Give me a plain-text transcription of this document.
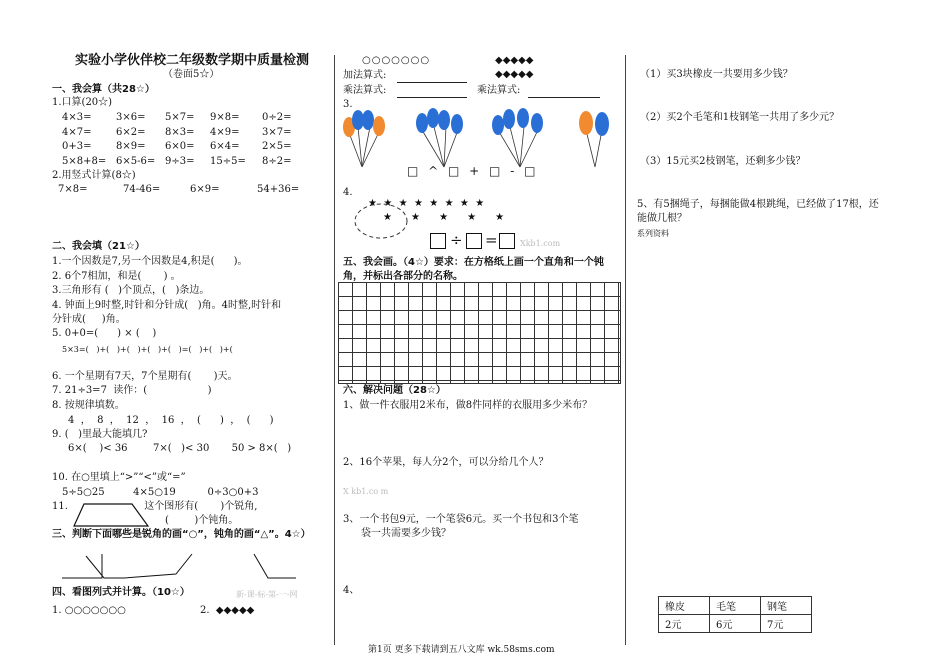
实验小学伙伴校二年级数学期中质量检测
（卷面5☆）
一、我会算（共28☆）
1.口算(20☆)
4×3= 3×6= 5×7= 9×8= 0÷2=
4×7= 6×2= 8×3= 4×9= 3×7=
0+3= 8×9= 6×0= 6×4= 2×5=
5×8+8= 6×5-6= 9÷3= 15÷5= 8÷2=
2.用竖式计算(8☆)
7×8=	74-46=	6×9=	54+36=
二、我会填（21☆）
1.一个因数是7,另一个因数是4,积是(      )。
2. 6个7相加，和是(       ) 。
3.三角形有 (   )个顶点，(   )条边。
4. 钟面上9时整,时针和分针成(   )角。4时整,时针和
分针成(     )角。
5. 0+0=(      ) × (    )
5×3=(   )+(   )+(   )+(   )+(   )=(   )+(   )+(
6. 一个星期有7天，7个星期有(       )天。
7. 21÷3=7  读作：(                   )
8. 按规律填数。
4  ，  8  ，  12  ，  16  ，  (      )  ，  (      )
9. (   )里最大能填几?
6×(    )< 36        7×(   )< 30       50 > 8×(   )
10. 在○里填上“>”“<”或“=”
5÷5○25         4×5○19          0÷3○0+3
11.                        这个图形有(       )个锐角,
(        )个钝角。
三、判断下面哪些是锐角的画“○”，钝角的画“△”。4☆）
四、看图列式并计算。（10☆）	新-课-标-第-一-网
1. ○○○○○○○	2.  ◆◆◆◆◆
○○○○○○○	◆◆◆◆◆
◆◆◆◆◆
加法算式:
乘法算式:	乘法算式:
3.
□ ^ □ + □ - □
4.
★  ★  ★  ★  ★  ★  ★  ★
★      ★      ★      ★      ★
÷ =	Xkb1.com
五、我会画。（4☆）要求：在方格纸上画一个直角和一个钝角，并标出各部分的名称。
六、解决问题（28☆）
1、做一件衣服用2米布，做8件同样的衣服用多少米布？
2、16个苹果，每人分2个，可以分给几个人？
X kb1.co m
3、一个书包9元，一个笔袋6元。买一个书包和3个笔
袋一共需要多少钱？
4、
（1）买3块橡皮一共要用多少钱？
（2）买2个毛笔和1枝钢笔一共用了多少元？
（3）15元买2枝钢笔，还剩多少钱？
5、有5捆绳子，每捆能做4根跳绳，已经做了17根，还
能做几根？
系列资料
橡皮	毛笔	钢笔
2元	6元	7元
第1页 更多下载请到五八文库 wk.58sms.com
